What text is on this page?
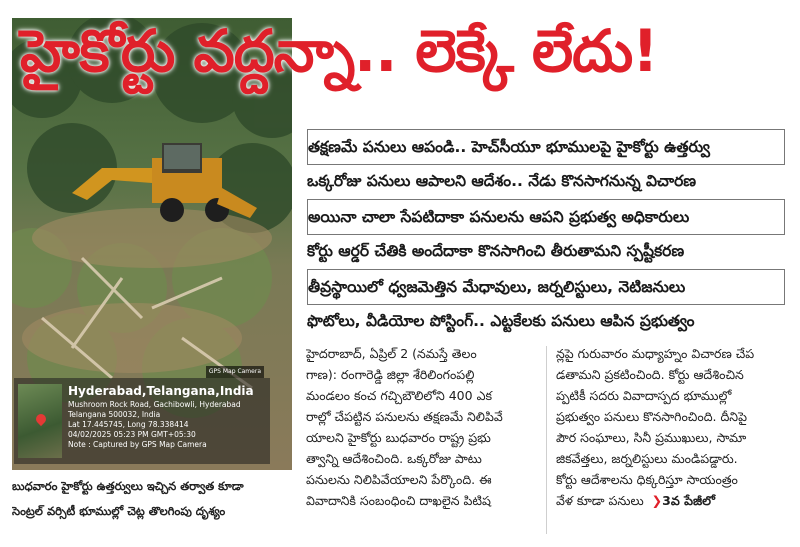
హైకోర్టు వద్దన్నా.. లెక్కే లేదు!
GPS Map Camera
Hyderabad,Telangana,India
Mushroom Rock Road, Gachibowli, Hyderabad
Telangana 500032, India
Lat 17.445745, Long 78.338414
04/02/2025 05:23 PM GMT+05:30
Note : Captured by GPS Map Camera
బుధవారం హైకోర్టు ఉత్తర్వులు ఇచ్చిన తర్వాత కూడా
సెంట్రల్ వర్సిటీ భూముల్లో చెట్ల తొలగింపు దృశ్యం
తక్షణమే పనులు ఆపండి.. హెచ్‌సీయూ భూములపై హైకోర్టు ఉత్తర్వు
ఒక్కరోజు పనులు ఆపాలని ఆదేశం.. నేడు కొనసాగనున్న విచారణ
అయినా చాలా సేపటిదాకా పనులను ఆపని ప్రభుత్వ అధికారులు
కోర్టు ఆర్డర్ చేతికి అందేదాకా కొనసాగించి తీరుతామని స్పష్టీకరణ
తీవ్రస్థాయిలో ధ్వజమెత్తిన మేధావులు, జర్నలిస్టులు, నెటిజనులు
ఫొటోలు, వీడియోల పోస్టింగ్.. ఎట్టకేలకు పనులు ఆపిన ప్రభుత్వం
హైదరాబాద్, ఏప్రిల్ 2 (నమస్తే తెలం
గాణ): రంగారెడ్డి జిల్లా శేరిలింగంపల్లి
మండలం కంచ గచ్చిబౌలిలోని 400 ఎక
రాల్లో చేపట్టిన పనులను తక్షణమే నిలిపివే
యాలని హైకోర్టు బుధవారం రాష్ట్ర ప్రభు
త్వాన్ని ఆదేశించింది. ఒక్కరోజు పాటు
పనులను నిలిపివేయాలని పేర్కొంది. ఈ
వివాదానికి సంబంధించి దాఖలైన పిటిష
న్లపై గురువారం మధ్యాహ్నం విచారణ చేప
డతామని ప్రకటించింది. కోర్టు ఆదేశించిన
ప్పటికీ సదరు వివాదాస్పద భూముల్లో
ప్రభుత్వం పనులు కొనసాగించింది. దీనిపై
పౌర సంఘాలు, సినీ ప్రముఖులు, సామా
జికవేత్తలు, జర్నలిస్టులు మండిపడ్డారు.
కోర్టు ఆదేశాలను ధిక్కరిస్తూ సాయంత్రం
వేళ కూడా పనులు
❯ 3వ పేజీలో
